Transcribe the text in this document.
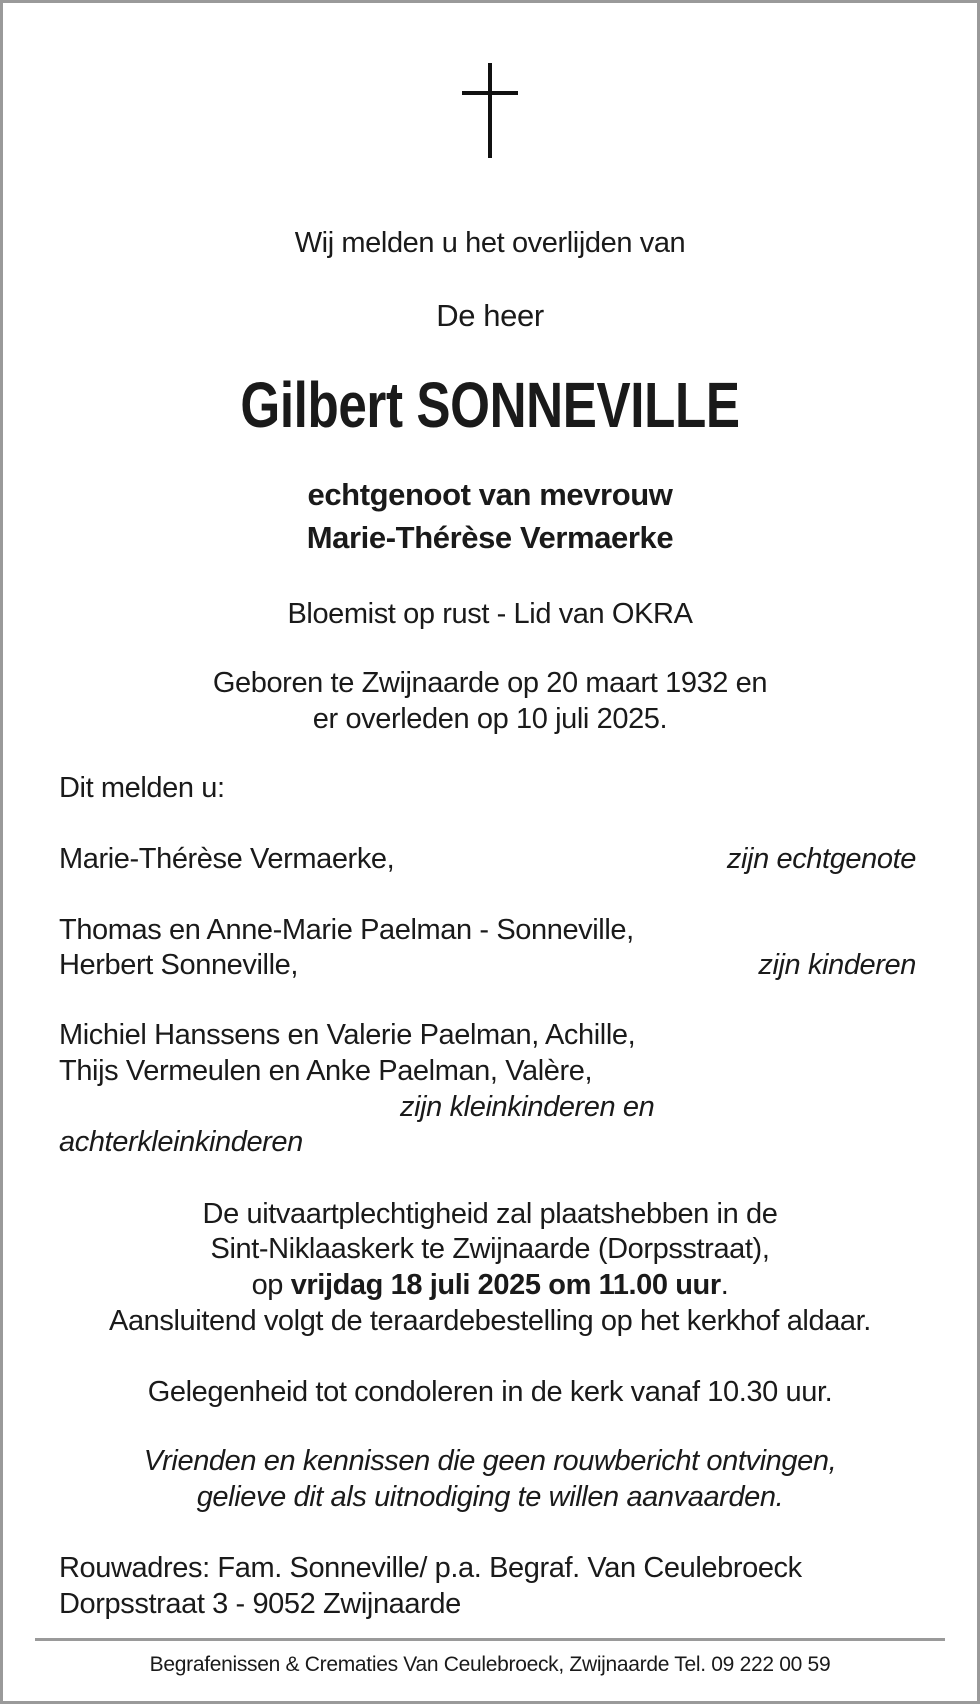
Wij melden u het overlijden van
De heer
Gilbert SONNEVILLE
echtgenoot van mevrouw
Marie-Thérèse Vermaerke
Bloemist op rust - Lid van OKRA
Geboren te Zwijnaarde op 20 maart 1932 en
er overleden op 10 juli 2025.
Dit melden u:
Marie-Thérèse Vermaerke,	zijn echtgenote
Thomas en Anne-Marie Paelman - Sonneville,
Herbert Sonneville,	zijn kinderen
Michiel Hanssens en Valerie Paelman, Achille,
Thijs Vermeulen en Anke Paelman, Valère,
zijn kleinkinderen en
achterkleinkinderen
De uitvaartplechtigheid zal plaatshebben in de
Sint-Niklaaskerk te Zwijnaarde (Dorpsstraat),
op vrijdag 18 juli 2025 om 11.00 uur.
Aansluitend volgt de teraardebestelling op het kerkhof aldaar.
Gelegenheid tot condoleren in de kerk vanaf 10.30 uur.
Vrienden en kennissen die geen rouwbericht ontvingen,
gelieve dit als uitnodiging te willen aanvaarden.
Rouwadres: Fam. Sonneville/ p.a. Begraf. Van Ceulebroeck
Dorpsstraat 3 - 9052 Zwijnaarde
Begrafenissen & Crematies Van Ceulebroeck, Zwijnaarde Tel. 09 222 00 59
